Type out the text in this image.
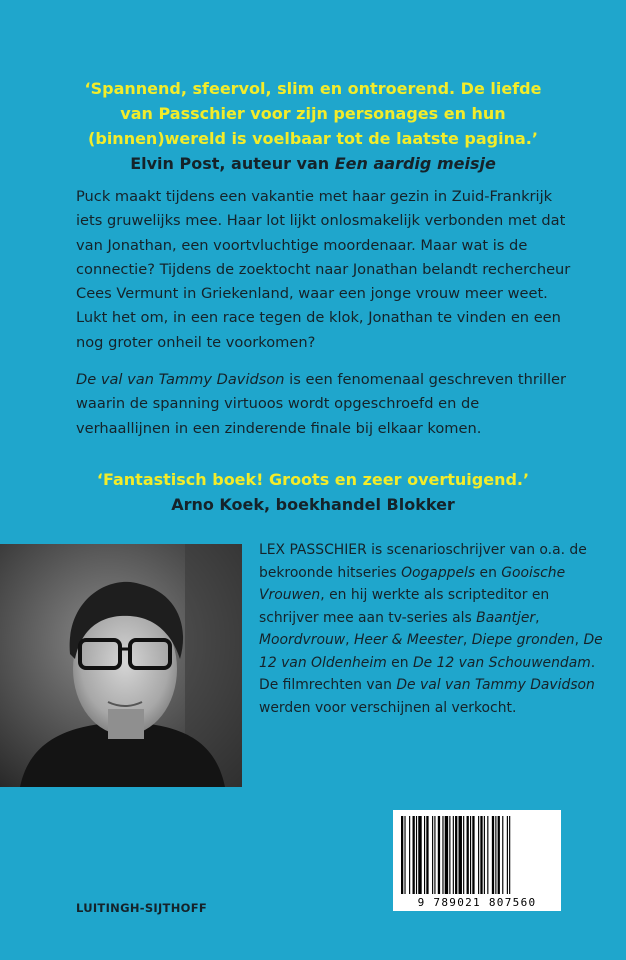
‘Spannend, sfeervol, slim en ontroerend. De liefde
van Passchier voor zijn personages en hun
(binnen)wereld is voelbaar tot de laatste pagina.’
Elvin Post, auteur van Een aardig meisje

Puck maakt tijdens een vakantie met haar gezin in Zuid-Frankrijk iets gruwelijks mee. Haar lot lijkt onlosmakelijk verbonden met dat van Jonathan, een voortvluchtige moordenaar. Maar wat is de connectie? Tijdens de zoektocht naar Jonathan belandt rechercheur Cees Vermunt in Griekenland, waar een jonge vrouw meer weet. Lukt het om, in een race tegen de klok, Jonathan te vinden en een nog groter onheil te voorkomen?

De val van Tammy Davidson is een fenomenaal geschreven thriller waarin de spanning virtuoos wordt opgeschroefd en de verhaallijnen in een zinderende finale bij elkaar komen.

‘Fantastisch boek! Groots en zeer overtuigend.’
Arno Koek, boekhandel Blokker

LEX PASSCHIER is scenarioschrijver van o.a. de bekroonde hitseries Oogappels en Gooische Vrouwen, en hij werkte als scripteditor en schrijver mee aan tv-series als Baantjer, Moordvrouw, Heer & Meester, Diepe gronden, De 12 van Oldenheim en De 12 van Schouwendam. De filmrechten van De val van Tammy Davidson werden voor verschijnen al verkocht.

LUITINGH-SIJTHOFF	9 789021 807560
